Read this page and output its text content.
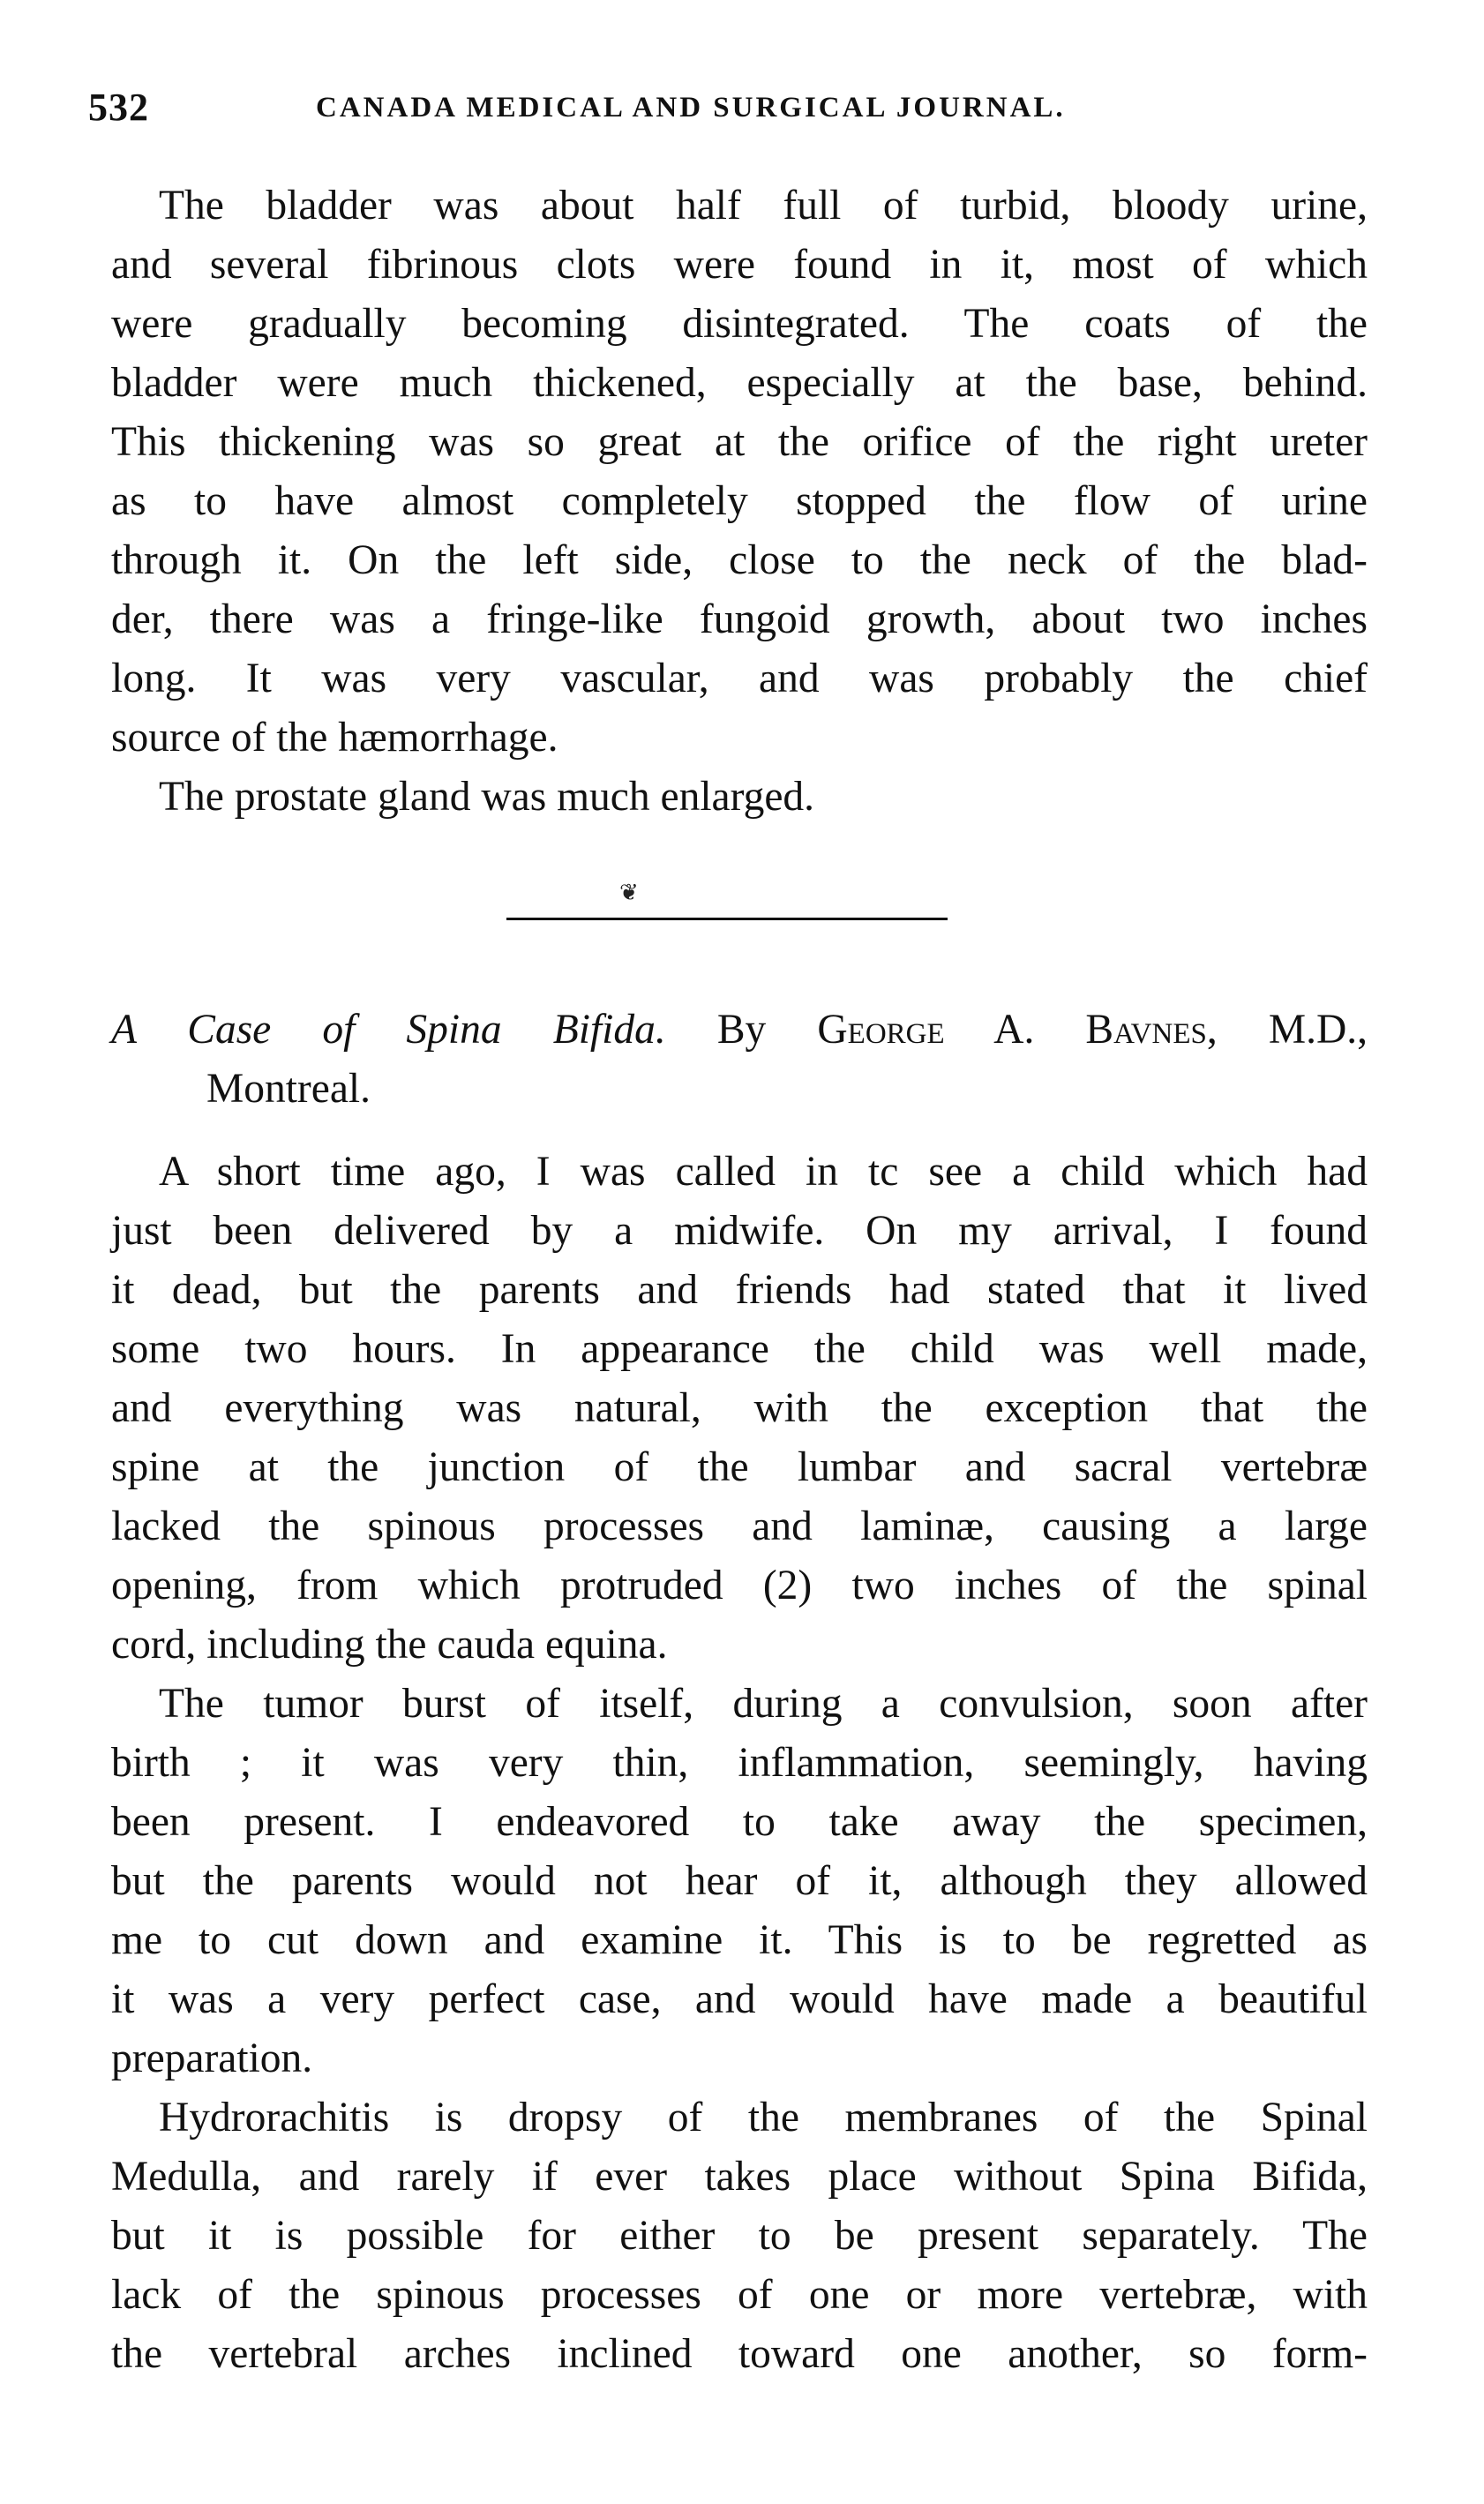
532	CANADA MEDICAL AND SURGICAL JOURNAL.
The bladder was about half full of turbid, bloody urine,
and several fibrinous clots were found in it, most of which
were gradually becoming disintegrated. The coats of the
bladder were much thickened, especially at the base, behind.
This thickening was so great at the orifice of the right ureter
as to have almost completely stopped the flow of urine
through it. On the left side, close to the neck of the blad-
der, there was a fringe-like fungoid growth, about two inches
long. It was very vascular, and was probably the chief
source of the hæmorrhage.
The prostate gland was much enlarged.
❦
A Case of Spina Bifida. By George A. Bavnes, M.D.,
Montreal.
A short time ago, I was called in tc see a child which had
just been delivered by a midwife. On my arrival, I found
it dead, but the parents and friends had stated that it lived
some two hours. In appearance the child was well made,
and everything was natural, with the exception that the
spine at the junction of the lumbar and sacral vertebræ
lacked the spinous processes and laminæ, causing a large
opening, from which protruded (2) two inches of the spinal
cord, including the cauda equina.
The tumor burst of itself, during a convulsion, soon after
birth ; it was very thin, inflammation, seemingly, having
been present. I endeavored to take away the specimen,
but the parents would not hear of it, although they allowed
me to cut down and examine it. This is to be regretted as
it was a very perfect case, and would have made a beautiful
preparation.
Hydrorachitis is dropsy of the membranes of the Spinal
Medulla, and rarely if ever takes place without Spina Bifida,
but it is possible for either to be present separately. The
lack of the spinous processes of one or more vertebræ, with
the vertebral arches inclined toward one another, so form-
